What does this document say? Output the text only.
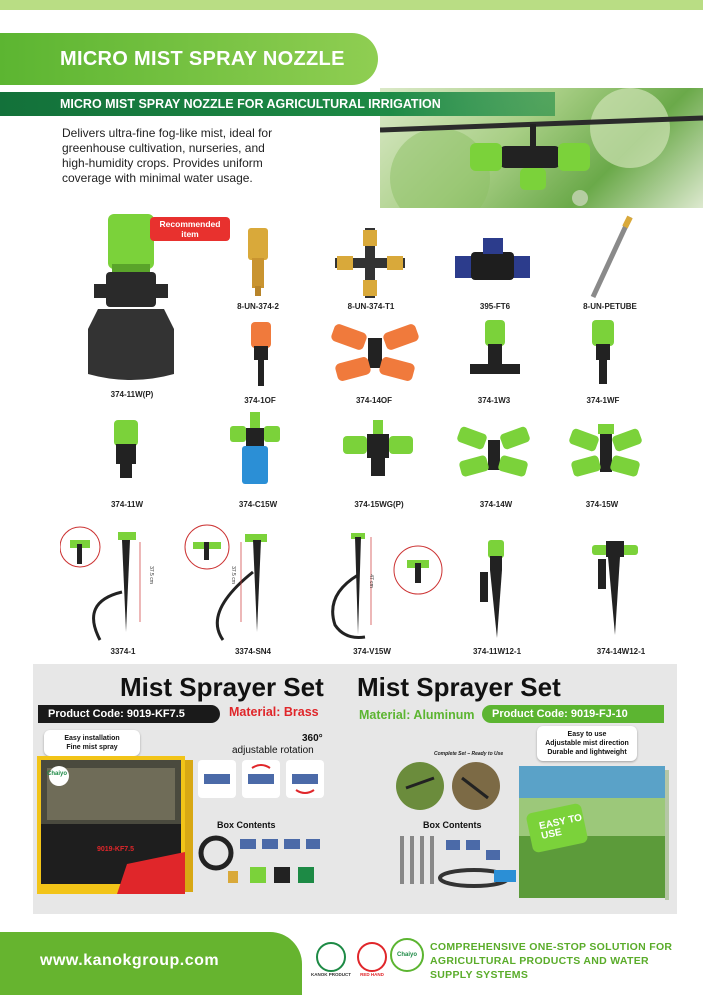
MICRO MIST SPRAY NOZZLE
MICRO MIST SPRAY NOZZLE FOR AGRICULTURAL IRRIGATION
Delivers ultra-fine fog-like mist, ideal for greenhouse cultivation, nurseries, and high-humidity crops. Provides uniform coverage with minimal water usage.
Recommended item
37.5 cm	37.5 cm	47 cm
374-11W(P)
8-UN-374-2	8-UN-374-T1	395-FT6	8-UN-PETUBE
374-1OF	374-14OF	374-1W3	374-1WF
374-11W	374-C15W	374-15WG(P)	374-14W	374-15W
3374-1	3374-SN4	374-V15W	374-11W12-1	374-14W12-1
Mist Sprayer Set
Product Code: 9019-KF7.5	Material: Brass
Easy installation
Fine mist spray
360°
adjustable rotation
Chaiyo
9019-KF7.5
Box Contents
Mist Sprayer Set
Material: Aluminum	Product Code: 9019-FJ-10
Easy to use
Adjustable mist direction
Durable and lightweight
Complete Set – Ready to Use
Box Contents	EASY TO USE
www.kanokgroup.com
KANOK PRODUCT	RED HAND
Chaiyo
COMPREHENSIVE ONE-STOP SOLUTION FOR AGRICULTURAL PRODUCTS AND WATER SUPPLY SYSTEMS
